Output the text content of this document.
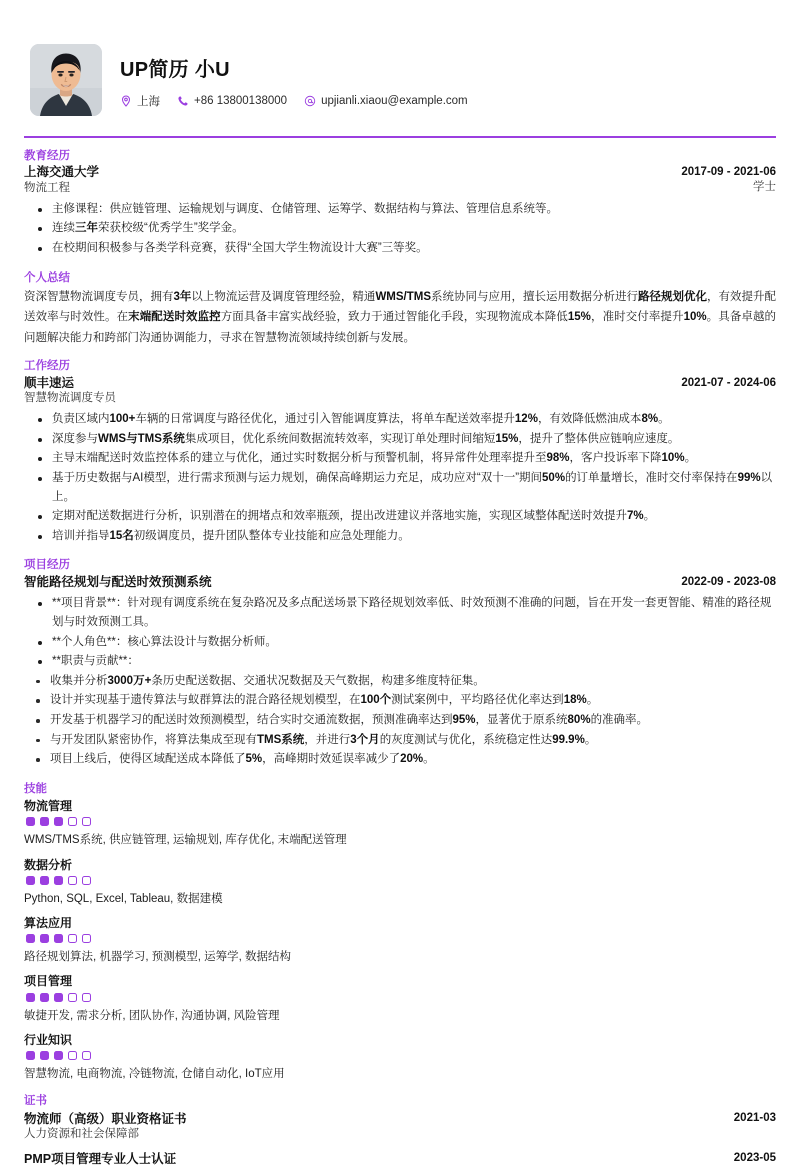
UP简历 小U
上海	+86 13800138000	upjianli.xiaou@example.com
教育经历
上海交通大学
物流工程
2017-09 - 2021-06
学士
主修课程：供应链管理、运输规划与调度、仓储管理、运筹学、数据结构与算法、管理信息系统等。
连续三年荣获校级“优秀学生”奖学金。
在校期间积极参与各类学科竞赛，获得“全国大学生物流设计大赛”三等奖。
个人总结

资深智慧物流调度专员，拥有3年以上物流运营及调度管理经验，精通WMS/TMS系统协同与应用，擅长运用数据分析进行路径规划优化，有效提升配送效率与时效性。在末端配送时效监控方面具备丰富实战经验，致力于通过智能化手段，实现物流成本降低15%，准时交付率提升10%。具备卓越的问题解决能力和跨部门沟通协调能力，寻求在智慧物流领域持续创新与发展。

工作经历
顺丰速运
智慧物流调度专员
2021-07 - 2024-06
负责区域内100+车辆的日常调度与路径优化，通过引入智能调度算法，将单车配送效率提升12%，有效降低燃油成本8%。
深度参与WMS与TMS系统集成项目，优化系统间数据流转效率，实现订单处理时间缩短15%，提升了整体供应链响应速度。
主导末端配送时效监控体系的建立与优化，通过实时数据分析与预警机制，将异常件处理率提升至98%，客户投诉率下降10%。
基于历史数据与AI模型，进行需求预测与运力规划，确保高峰期运力充足，成功应对“双十一”期间50%的订单量增长，准时交付率保持在99%以上。
定期对配送数据进行分析，识别潜在的拥堵点和效率瓶颈，提出改进建议并落地实施，实现区域整体配送时效提升7%。
培训并指导15名初级调度员，提升团队整体专业技能和应急处理能力。
项目经历
智能路径规划与配送时效预测系统	2022-09 - 2023-08
**项目背景**：针对现有调度系统在复杂路况及多点配送场景下路径规划效率低、时效预测不准确的问题，旨在开发一套更智能、精准的路径规划与时效预测工具。
**个人角色**：核心算法设计与数据分析师。
**职责与贡献**：
收集并分析3000万+条历史配送数据、交通状况数据及天气数据，构建多维度特征集。
设计并实现基于遗传算法与蚁群算法的混合路径规划模型，在100个测试案例中，平均路径优化率达到18%。
开发基于机器学习的配送时效预测模型，结合实时交通流数据，预测准确率达到95%，显著优于原系统80%的准确率。
与开发团队紧密协作，将算法集成至现有TMS系统，并进行3个月的灰度测试与优化，系统稳定性达99.9%。
项目上线后，使得区域配送成本降低了5%，高峰期时效延误率减少了20%。
技能
物流管理
WMS/TMS系统, 供应链管理, 运输规划, 库存优化, 末端配送管理
数据分析
Python, SQL, Excel, Tableau, 数据建模
算法应用
路径规划算法, 机器学习, 预测模型, 运筹学, 数据结构
项目管理
敏捷开发, 需求分析, 团队协作, 沟通协调, 风险管理
行业知识
智慧物流, 电商物流, 冷链物流, 仓储自动化, IoT应用
证书
物流师（高级）职业资格证书
人力资源和社会保障部
2021-03
PMP项目管理专业人士认证	2023-05
